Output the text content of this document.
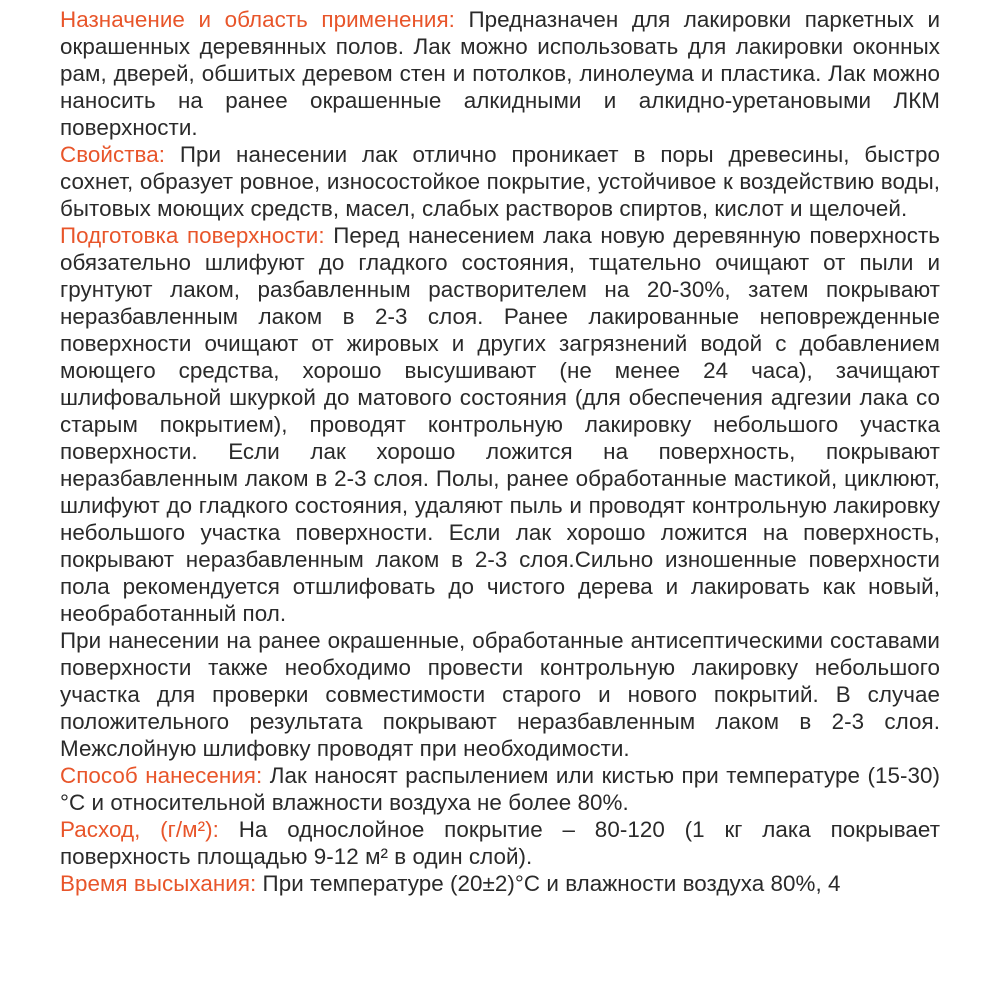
Назначение и область применения: Предназначен для лакировки паркетных и окрашенных деревянных полов. Лак можно использовать для лакировки оконных рам, дверей, обшитых деревом стен и потолков, линолеума и пластика. Лак можно наносить на ранее окрашенные алкидными и алкидно-уретановыми ЛКМ поверхности.

Свойства: При нанесении лак отлично проникает в поры древесины, быстро сохнет, образует ровное, износостойкое покрытие, устойчивое к воздействию воды, бытовых моющих средств, масел, слабых растворов спиртов, кислот и щелочей.

Подготовка поверхности: Перед нанесением лака новую деревянную поверхность обязательно шлифуют до гладкого состояния, тщательно очищают от пыли и грунтуют лаком, разбавленным растворителем на 20-30%, затем покрывают неразбавленным лаком в 2-3 слоя. Ранее лакированные неповрежденные поверхности очищают от жировых и других загрязнений водой с добавлением моющего средства, хорошо высушивают (не менее 24 часа), зачищают шлифовальной шкуркой до матового состояния (для обеспечения адгезии лака со старым покрытием), проводят контрольную лакировку небольшого участка поверхности. Если лак хорошо ложится на поверхность, покрывают неразбавленным лаком в 2-3 слоя. Полы, ранее обработанные мастикой, циклюют, шлифуют до гладкого состояния, удаляют пыль и проводят контрольную лакировку небольшого участка поверхности. Если лак хорошо ложится на поверхность, покрывают неразбавленным лаком в 2-3 слоя.Сильно изношенные поверхности пола рекомендуется отшлифовать до чистого дерева и лакировать как новый, необработанный пол.

При нанесении на ранее окрашенные, обработанные антисептическими составами поверхности также необходимо провести контрольную лакировку небольшого участка для проверки совместимости старого и нового покрытий. В случае положительного результата покрывают неразбавленным лаком в 2-3 слоя. Межслойную шлифовку проводят при необходимости.

Способ нанесения: Лак наносят распылением или кистью при температуре (15-30)°С и относительной влажности воздуха не более 80%.

Расход, (г/м²): На однослойное покрытие – 80-120 (1 кг лака покрывает поверхность площадью 9-12 м² в один слой).

Время высыхания: При температуре (20±2)°С и влажности воздуха 80%, 4
